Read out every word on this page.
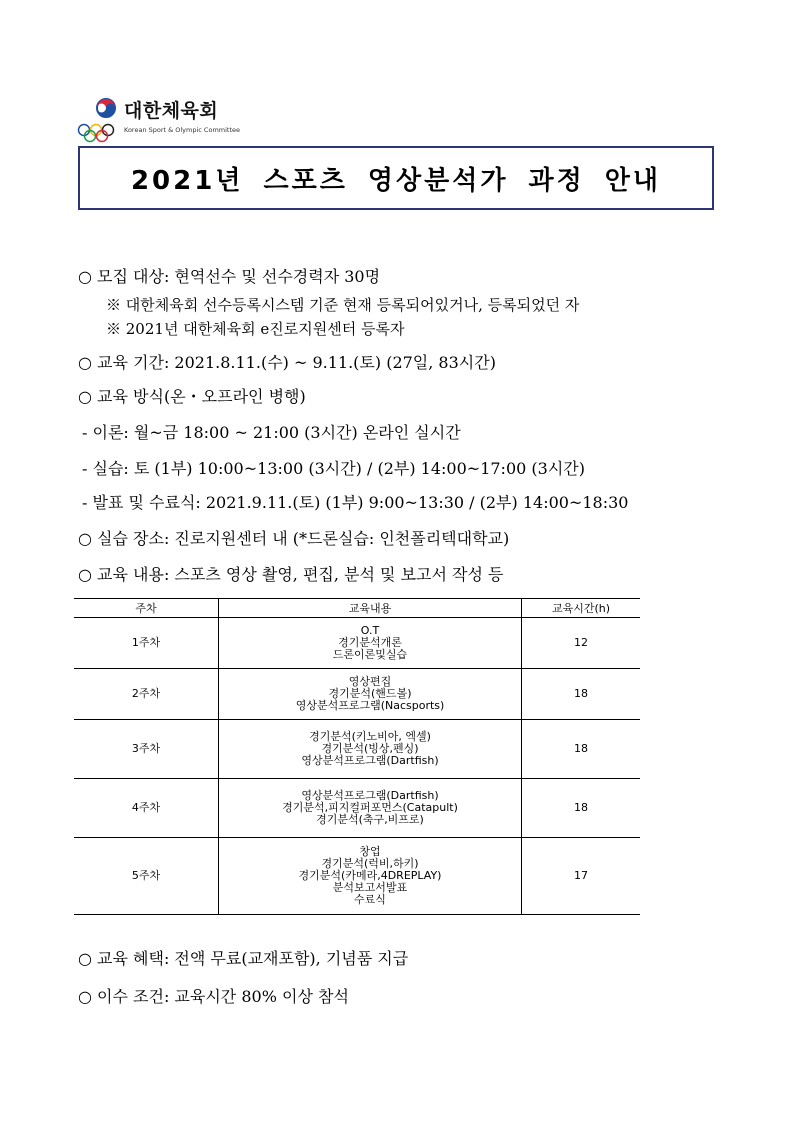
대한체육회
Korean Sport & Olympic Committee
2021년 스포츠 영상분석가 과정 안내
○ 모집 대상: 현역선수 및 선수경력자 30명
※ 대한체육회 선수등록시스템 기준 현재 등록되어있거나, 등록되었던 자
※ 2021년 대한체육회 e진로지원센터 등록자
○ 교육 기간: 2021.8.11.(수) ~ 9.11.(토) (27일, 83시간)
○ 교육 방식(온・오프라인 병행)
- 이론: 월~금 18:00 ~ 21:00 (3시간) 온라인 실시간
- 실습: 토 (1부) 10:00~13:00 (3시간) / (2부) 14:00~17:00 (3시간)
- 발표 및 수료식: 2021.9.11.(토) (1부) 9:00~13:30 / (2부) 14:00~18:30
○ 실습 장소: 진로지원센터 내 (*드론실습: 인천폴리텍대학교)
○ 교육 내용: 스포츠 영상 촬영, 편집, 분석 및 보고서 작성 등
주차	교육내용	교육시간(h)
1주차	O.T
경기분석개론
드론이론및실습	12
2주차	영상편집
경기분석(핸드볼)
영상분석프로그램(Nacsports)	18
3주차	경기분석(키노비아, 엑셀)
경기분석(빙상,펜싱)
영상분석프로그램(Dartfish)	18
4주차	영상분석프로그램(Dartfish)
경기분석,피지컬퍼포먼스(Catapult)
경기분석(축구,비프로)	18
5주차	창업
경기분석(럭비,하키)
경기분석(카메라,4DREPLAY)
분석보고서발표
수료식	17
○ 교육 혜택: 전액 무료(교재포함), 기념품 지급
○ 이수 조건: 교육시간 80% 이상 참석
